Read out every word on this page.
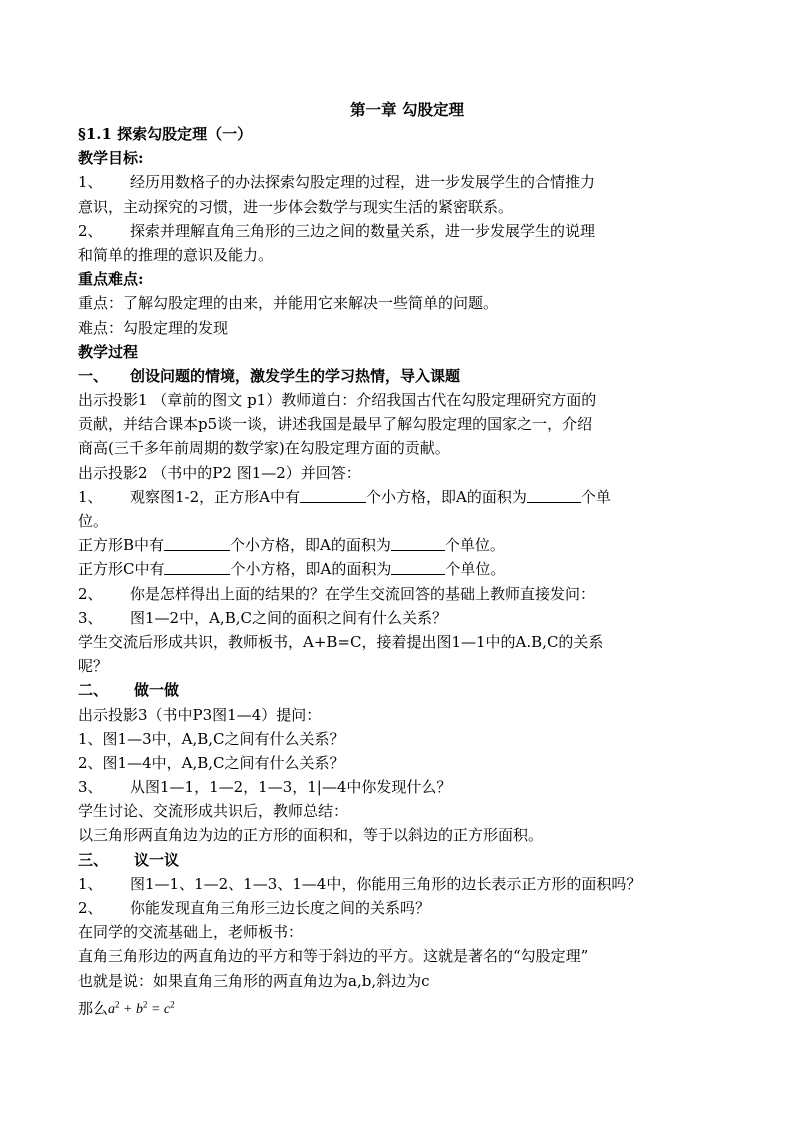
第一章 勾股定理
§1.1 探索勾股定理（一）
教学目标:
1、 经历用数格子的办法探索勾股定理的过程，进一步发展学生的合情推力
意识，主动探究的习惯，进一步体会数学与现实生活的紧密联系。
2、 探索并理解直角三角形的三边之间的数量关系，进一步发展学生的说理
和简单的推理的意识及能力。
重点难点:
重点：了解勾股定理的由来，并能用它来解决一些简单的问题。
难点：勾股定理的发现
教学过程
一、 创设问题的情境，激发学生的学习热情，导入课题
出示投影1 （章前的图文 p1）教师道白：介绍我国古代在勾股定理研究方面的
贡献，并结合课本p5谈一谈，讲述我国是最早了解勾股定理的国家之一，介绍
商高(三千多年前周期的数学家)在勾股定理方面的贡献。
出示投影2 （书中的P2 图1—2）并回答：
1、 观察图1-2，正方形A中有	个小方格，即A的面积为	个单
位。
正方形B中有	个小方格，即A的面积为	个单位。
正方形C中有	个小方格，即A的面积为	个单位。
2、 你是怎样得出上面的结果的？在学生交流回答的基础上教师直接发问：
3、 图1—2中，A,B,C之间的面积之间有什么关系？
学生交流后形成共识，教师板书，A+B=C，接着提出图1—1中的A.B,C的关系
呢？
二、 做一做
出示投影3（书中P3图1—4）提问：
1、图1—3中，A,B,C之间有什么关系？
2、图1—4中，A,B,C之间有什么关系？
3、 从图1—1，1—2，1—3，1|—4中你发现什么？
学生讨论、交流形成共识后，教师总结：
以三角形两直角边为边的正方形的面积和，等于以斜边的正方形面积。
三、 议一议
1、 图1—1、1—2、1—3、1—4中，你能用三角形的边长表示正方形的面积吗？
2、 你能发现直角三角形三边长度之间的关系吗？
在同学的交流基础上，老师板书：
直角三角形边的两直角边的平方和等于斜边的平方。这就是著名的“勾股定理”
也就是说：如果直角三角形的两直角边为a,b,斜边为c
那么$a^2 + b^2 = c^2$
